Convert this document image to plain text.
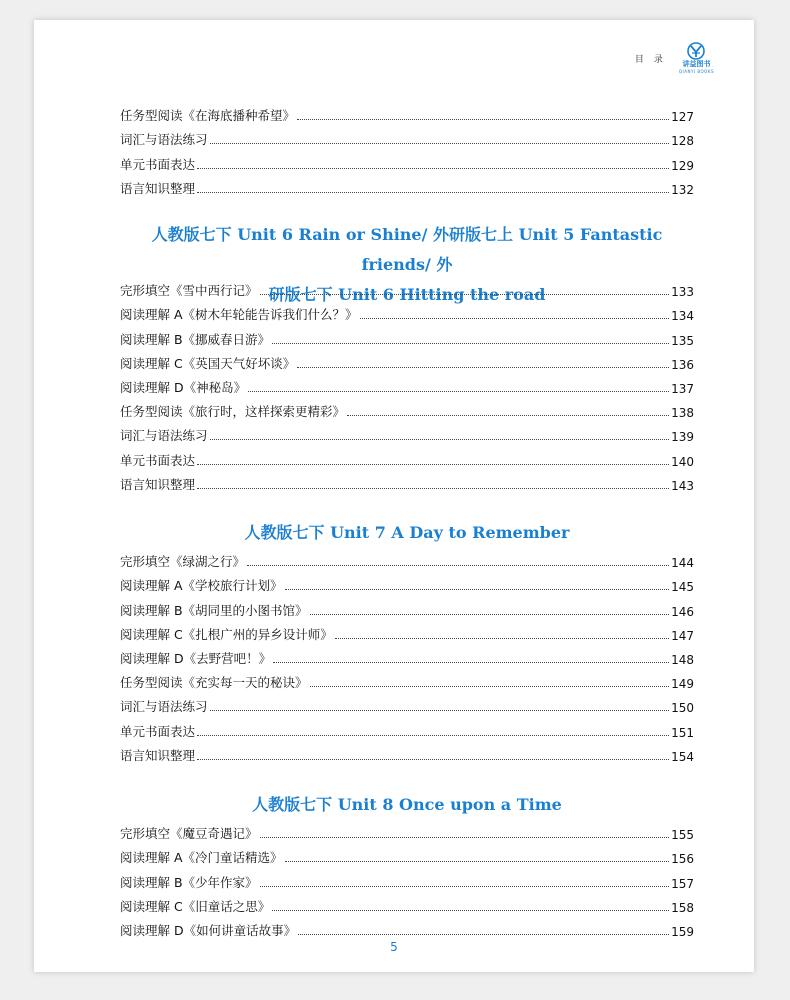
目录 讲益图书
QIANYI BOOKS
任务型阅读《在海底播种希望》	127
词汇与语法练习	128
单元书面表达	129
语言知识整理	132
人教版七下 Unit 6 Rain or Shine/ 外研版七上 Unit 5 Fantastic friends/ 外
研版七下 Unit 6 Hitting the road
完形填空《雪中西行记》	133
阅读理解 A《树木年轮能告诉我们什么？》	134
阅读理解 B《挪威春日游》	135
阅读理解 C《英国天气好坏谈》	136
阅读理解 D《神秘岛》	137
任务型阅读《旅行时，这样探索更精彩》	138
词汇与语法练习	139
单元书面表达	140
语言知识整理	143
人教版七下 Unit 7 A Day to Remember
完形填空《绿湖之行》	144
阅读理解 A《学校旅行计划》	145
阅读理解 B《胡同里的小图书馆》	146
阅读理解 C《扎根广州的异乡设计师》	147
阅读理解 D《去野营吧！》	148
任务型阅读《充实每一天的秘诀》	149
词汇与语法练习	150
单元书面表达	151
语言知识整理	154
人教版七下 Unit 8 Once upon a Time
完形填空《魔豆奇遇记》	155
阅读理解 A《冷门童话精选》	156
阅读理解 B《少年作家》	157
阅读理解 C《旧童话之思》	158
阅读理解 D《如何讲童话故事》	159
5
